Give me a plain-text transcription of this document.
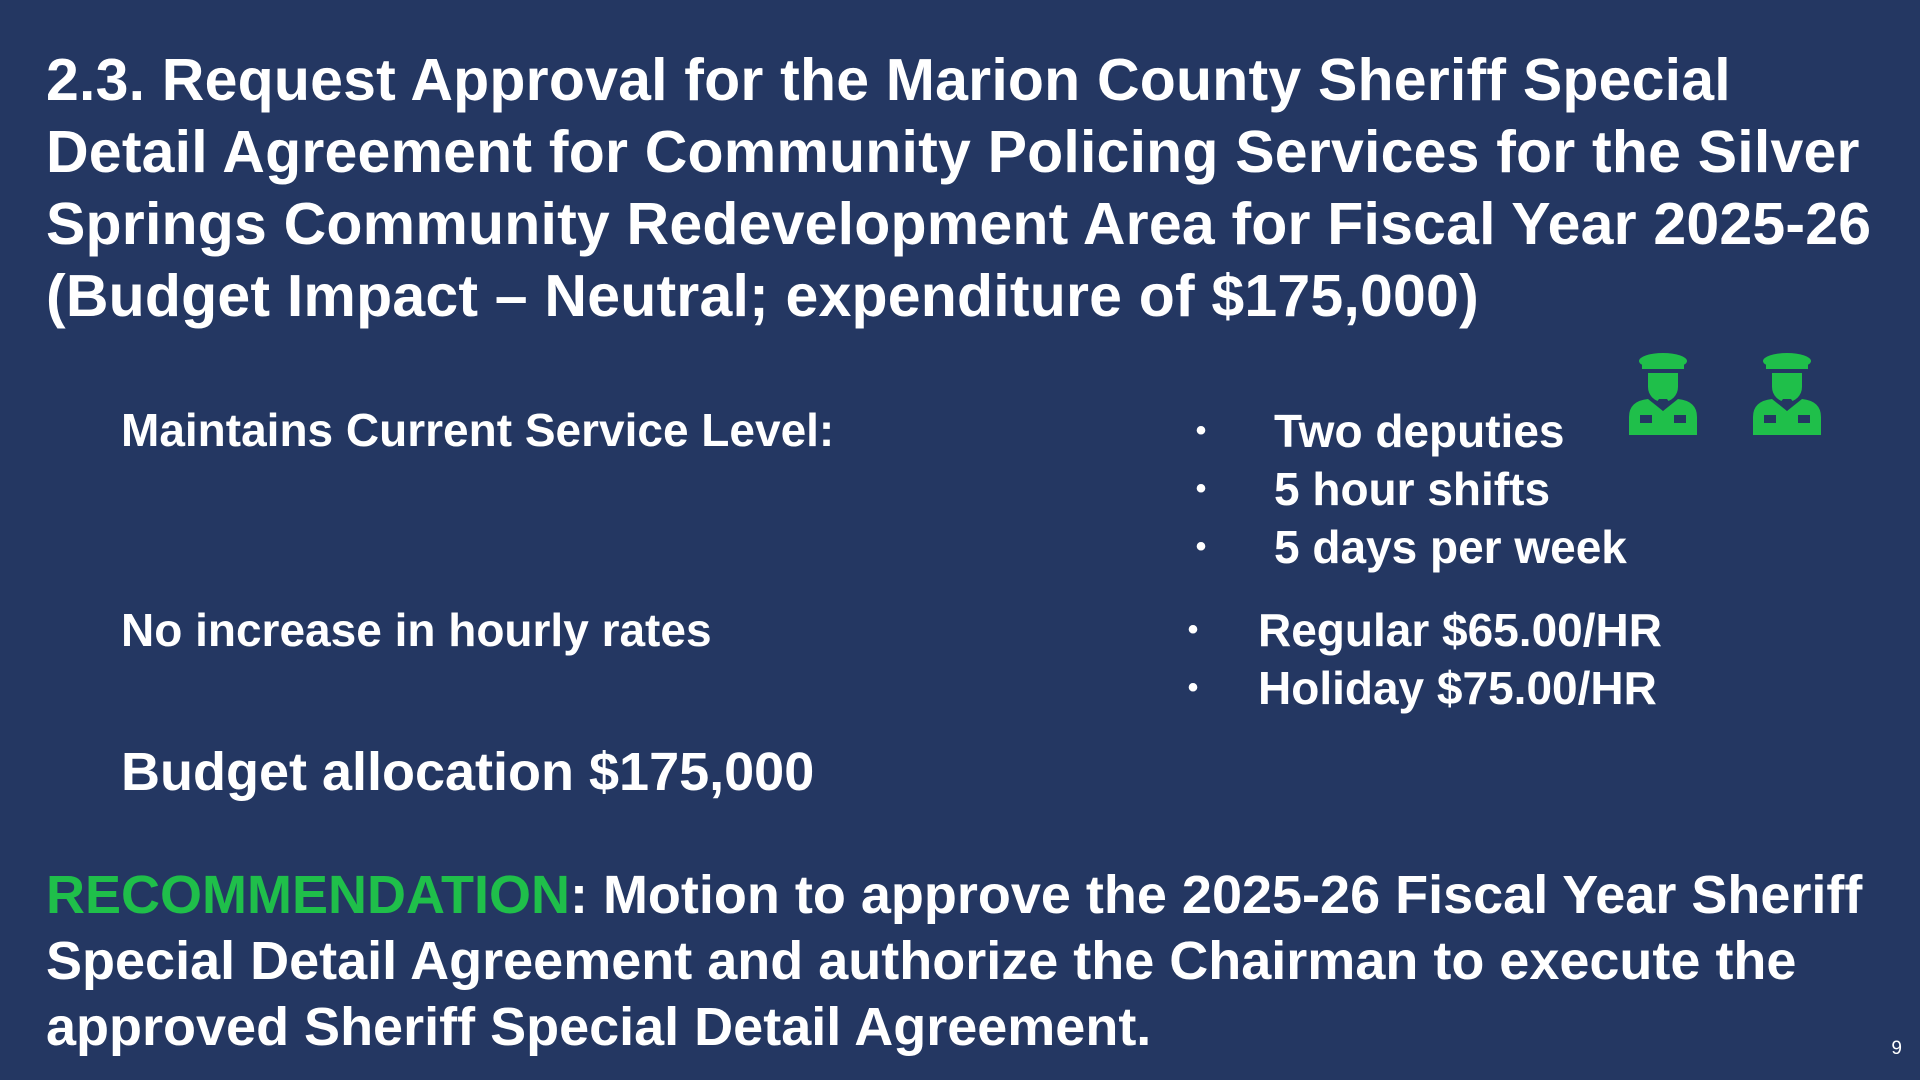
2.3. Request Approval for the Marion County Sheriff Special Detail Agreement for Community Policing Services for the Silver Springs Community Redevelopment Area for Fiscal Year 2025-26 (Budget Impact – Neutral; expenditure of $175,000)

Maintains Current Service Level:	• Two deputies
• 5 hour shifts
• 5 days per week

No increase in hourly rates	• Regular $65.00/HR
• Holiday $75.00/HR

Budget allocation $175,000

RECOMMENDATION: Motion to approve the 2025-26 Fiscal Year Sheriff Special Detail Agreement and authorize the Chairman to execute the approved Sheriff Special Detail Agreement.	9
